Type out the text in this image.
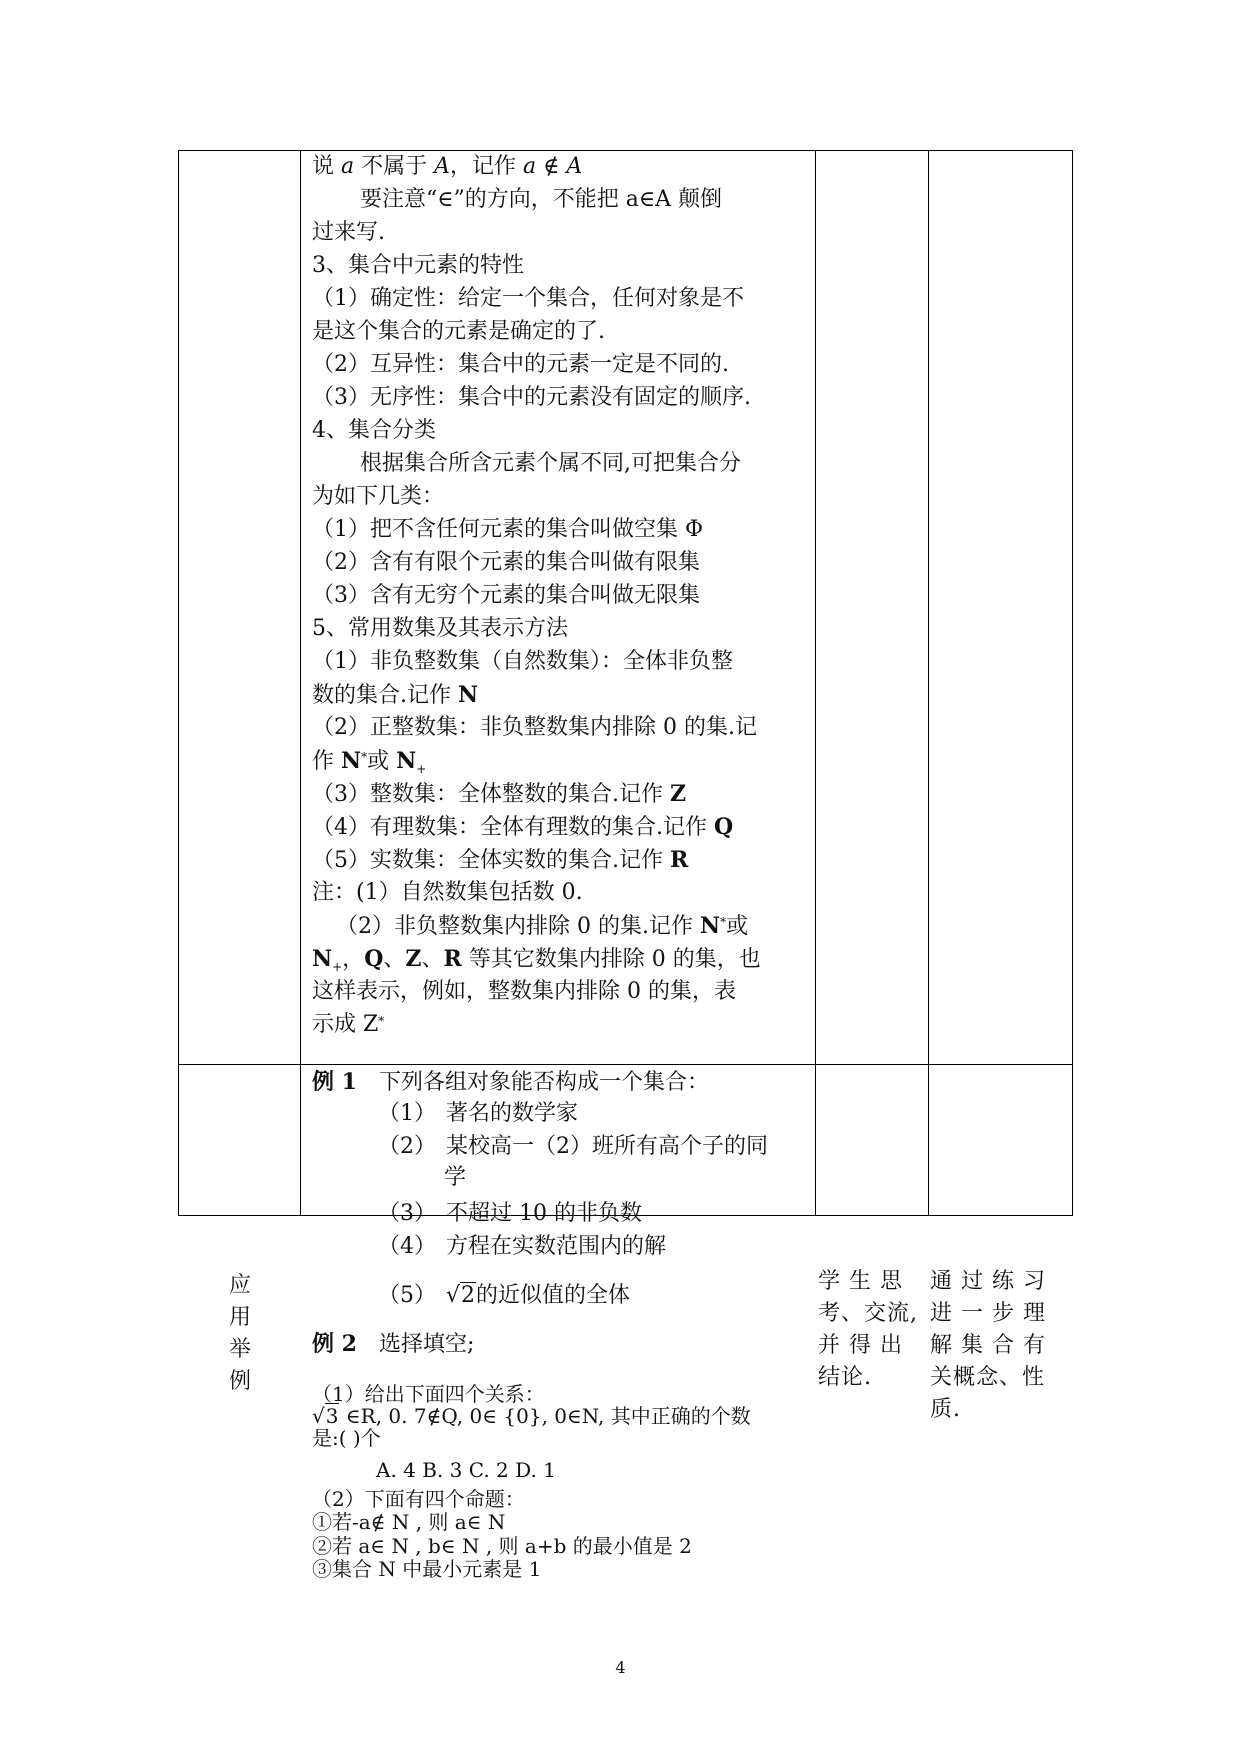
说 a 不属于 A，记作 a ∉ A
要注意“∈”的方向，不能把 a∈A 颠倒
过来写.
3、集合中元素的特性
（1）确定性：给定一个集合，任何对象是不
是这个集合的元素是确定的了.
（2）互异性：集合中的元素一定是不同的.
（3）无序性：集合中的元素没有固定的顺序.
4、集合分类
根据集合所含元素个属不同,可把集合分
为如下几类：
（1）把不含任何元素的集合叫做空集 Φ
（2）含有有限个元素的集合叫做有限集
（3）含有无穷个元素的集合叫做无限集
5、常用数集及其表示方法
（1）非负整数集（自然数集）：全体非负整
数的集合.记作 N
（2）正整数集：非负整数集内排除 0 的集.记
作 N*或 $N_+$
（3）整数集：全体整数的集合.记作 Z
（4）有理数集：全体有理数的集合.记作 Q
（5）实数集：全体实数的集合.记作 R
注：(1）自然数集包括数 0.
（2）非负整数集内排除 0 的集.记作 N*或
$N_+$，Q、Z、R 等其它数集内排除 0 的集，也
这样表示，例如，整数集内排除 0 的集，表
示成 Z*
应
用
举
例
例 1 下列各组对象能否构成一个集合：
（1） 著名的数学家
（2） 某校高一（2）班所有高个子的同
学
（3） 不超过 10 的非负数
（4） 方程在实数范围内的解
（5） √2的近似值的全体
例 2 选择填空;
（1）给出下面四个关系：
√3 ∈R, 0. 7∉Q, 0∈ {0}, 0∈N, 其中正确的个数
是:( )个
A. 4 B. 3 C. 2 D. 1
（2）下面有四个命题：
①若-a∉ N , 则 a∈ N
②若 a∈ N , b∈ N , 则 a+b 的最小值是 2
③集合 N 中最小元素是 1
学 生 思
考、交流,
并 得 出
结论.
通 过 练 习
进 一 步 理
解 集 合 有
关概念、性
质.
4
